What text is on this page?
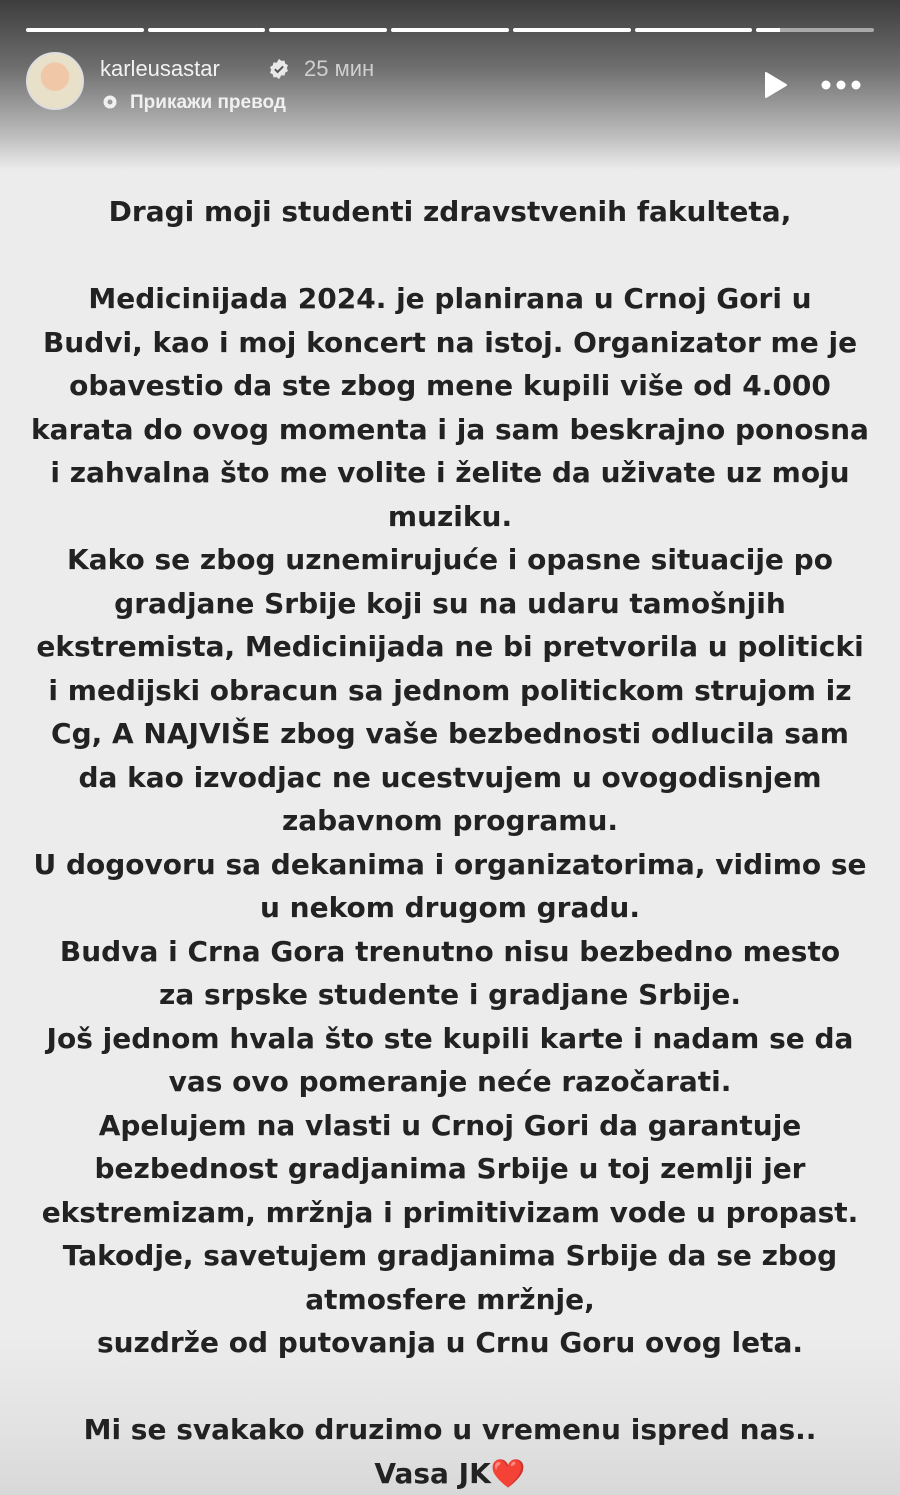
karleusastar	25 мин
Прикажи превод

Dragi moji studenti zdravstvenih fakulteta,

Medicinijada 2024. je planirana u Crnoj Gori u

Budvi, kao i moj koncert na istoj. Organizator me je

obavestio da ste zbog mene kupili više od 4.000

karata do ovog momenta i ja sam beskrajno ponosna

i zahvalna što me volite i želite da uživate uz moju

muziku.

Kako se zbog uznemirujuće i opasne situacije po

gradjane Srbije koji su na udaru tamošnjih

ekstremista, Medicinijada ne bi pretvorila u politicki

i medijski obracun sa jednom politickom strujom iz

Cg, A NAJVIŠE zbog vaše bezbednosti odlucila sam

da kao izvodjac ne ucestvujem u ovogodisnjem

zabavnom programu.

U dogovoru sa dekanima i organizatorima, vidimo se

u nekom drugom gradu.

Budva i Crna Gora trenutno nisu bezbedno mesto

za srpske studente i gradjane Srbije.

Još jednom hvala što ste kupili karte i nadam se da

vas ovo pomeranje neće razočarati.

Apelujem na vlasti u Crnoj Gori da garantuje

bezbednost gradjanima Srbije u toj zemlji jer

ekstremizam, mržnja i primitivizam vode u propast.

Takodje, savetujem gradjanima Srbije da se zbog

atmosfere mržnje,

suzdrže od putovanja u Crnu Goru ovog leta.

Mi se svakako druzimo u vremenu ispred nas..

Vasa JK❤️
